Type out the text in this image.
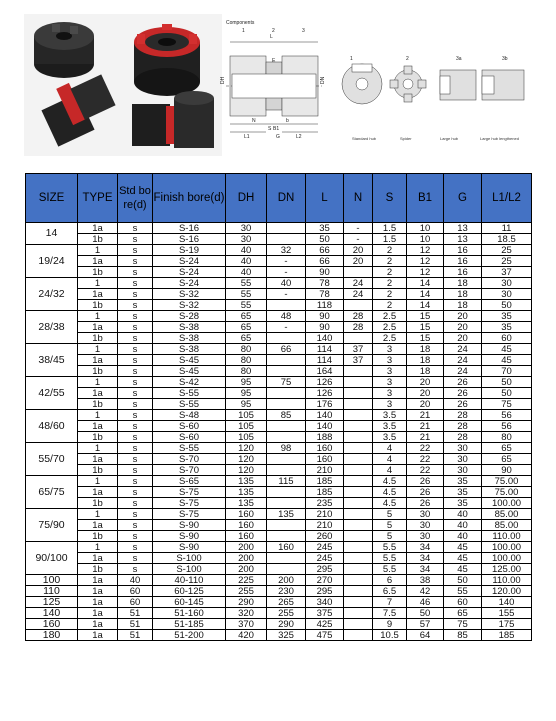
Components
L
E
S B1
L1	L2
G
N
DH	DN
b
1	2	3
1	2	3a	3b
Standard hub	Spider	Large hub	Large hub lengthened
SIZE	TYPE	Std bore(d)	Finish bore(d)	DH	DN	L	N	S	B1	G	L1/L2
14	1a	s	S-16	30		35	-	1.5	10	13	11
	1b	s	S-16	30		50	-	1.5	10	13	18.5
19/24	1	s	S-19	40	32	66	20	2	12	16	25
	1a	s	S-24	40	-	66	20	2	12	16	25
	1b	s	S-24	40	-	90		2	12	16	37
24/32	1	s	S-24	55	40	78	24	2	14	18	30
	1a	s	S-32	55	-	78	24	2	14	18	30
	1b	s	S-32	55		118		2	14	18	50
28/38	1	s	S-28	65	48	90	28	2.5	15	20	35
	1a	s	S-38	65	-	90	28	2.5	15	20	35
	1b	s	S-38	65		140		2.5	15	20	60
38/45	1	s	S-38	80	66	114	37	3	18	24	45
	1a	s	S-45	80		114	37	3	18	24	45
	1b	s	S-45	80		164		3	18	24	70
42/55	1	s	S-42	95	75	126		3	20	26	50
	1a	s	S-55	95		126		3	20	26	50
	1b	s	S-55	95		176		3	20	26	75
48/60	1	s	S-48	105	85	140		3.5	21	28	56
	1a	s	S-60	105		140		3.5	21	28	56
	1b	s	S-60	105		188		3.5	21	28	80
55/70	1	s	S-55	120	98	160		4	22	30	65
	1a	s	S-70	120		160		4	22	30	65
	1b	s	S-70	120		210		4	22	30	90
65/75	1	s	S-65	135	115	185		4.5	26	35	75.00
	1a	s	S-75	135		185		4.5	26	35	75.00
	1b	s	S-75	135		235		4.5	26	35	100.00
75/90	1	s	S-75	160	135	210		5	30	40	85.00
	1a	s	S-90	160		210		5	30	40	85.00
	1b	s	S-90	160		260		5	30	40	110.00
90/100	1	s	S-90	200	160	245		5.5	34	45	100.00
	1a	s	S-100	200		245		5.5	34	45	100.00
	1b	s	S-100	200		295		5.5	34	45	125.00
100	1a	40	40-110	225	200	270		6	38	50	110.00
110	1a	60	60-125	255	230	295		6.5	42	55	120.00
125	1a	60	60-145	290	265	340		7	46	60	140
140	1a	51	51-160	320	255	375		7.5	50	65	155
160	1a	51	51-185	370	290	425		9	57	75	175
180	1a	51	51-200	420	325	475		10.5	64	85	185
